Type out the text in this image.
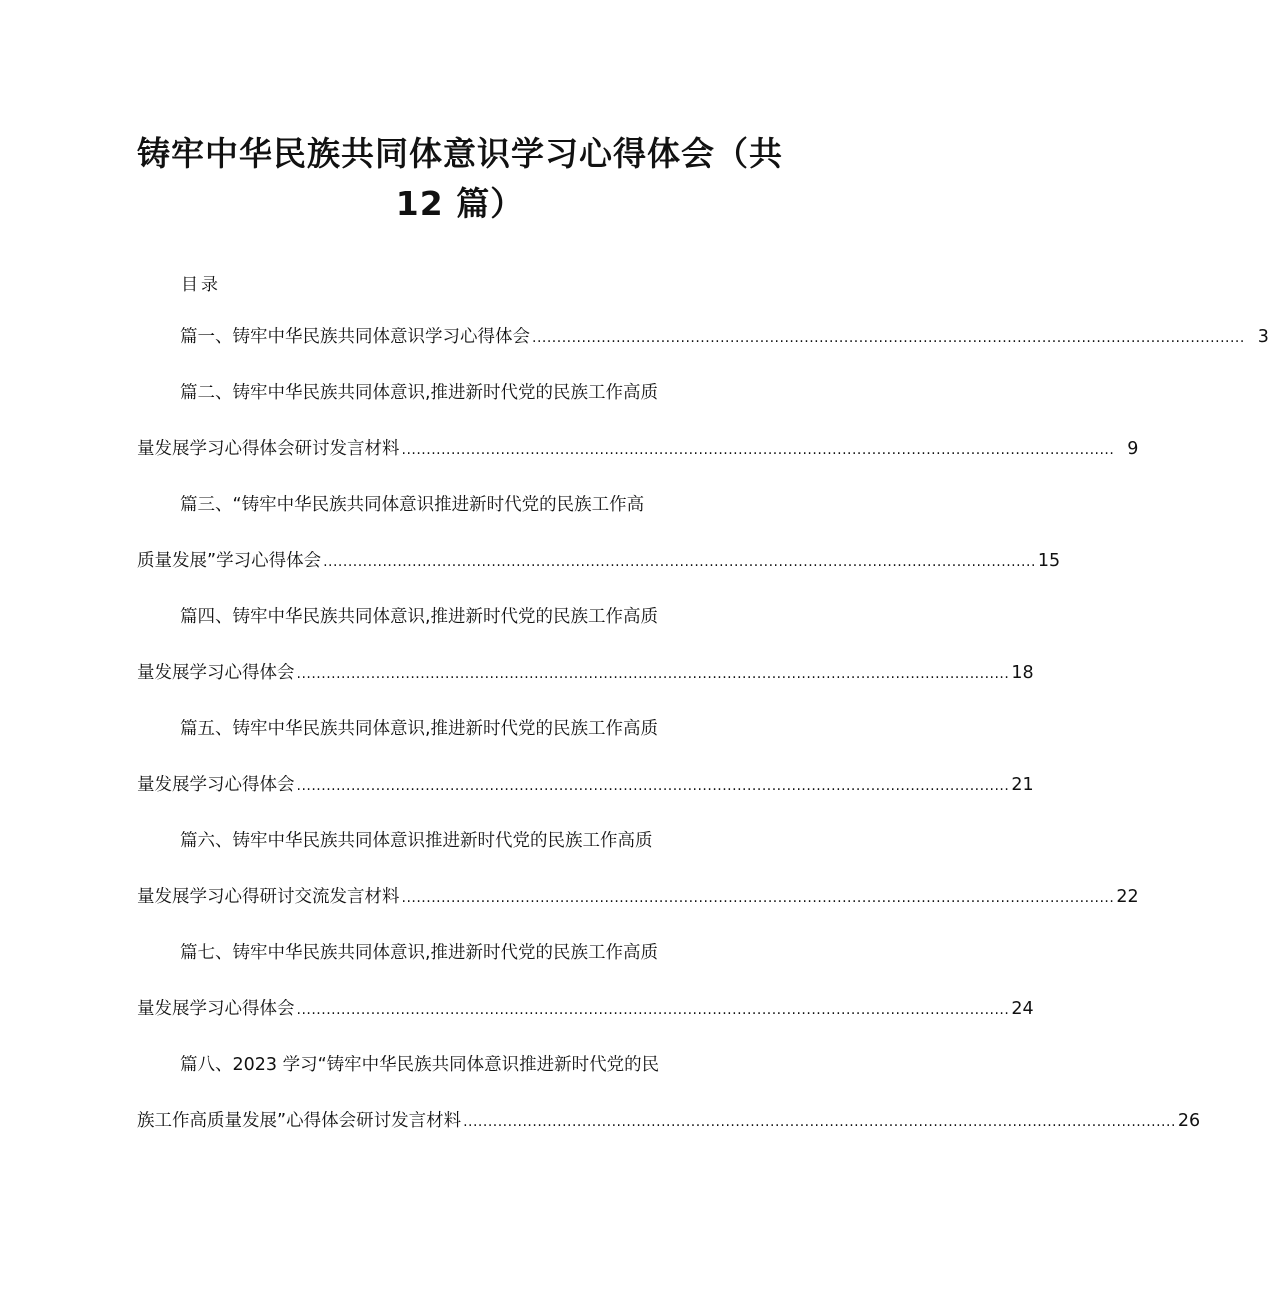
铸牢中华民族共同体意识学习心得体会（共
12 篇）
目录
篇一、铸牢中华民族共同体意识学习心得体会 ................................................................................................................................................ 3
篇二、铸牢中华民族共同体意识,推进新时代党的民族工作高质
量发展学习心得体会研讨发言材料 ................................................................................................................................................ 9
篇三、“铸牢中华民族共同体意识推进新时代党的民族工作高
质量发展”学习心得体会 ................................................................................................................................................ 15
篇四、铸牢中华民族共同体意识,推进新时代党的民族工作高质
量发展学习心得体会 ................................................................................................................................................ 18
篇五、铸牢中华民族共同体意识,推进新时代党的民族工作高质
量发展学习心得体会 ................................................................................................................................................ 21
篇六、铸牢中华民族共同体意识推进新时代党的民族工作高质
量发展学习心得研讨交流发言材料 ................................................................................................................................................ 22
篇七、铸牢中华民族共同体意识,推进新时代党的民族工作高质
量发展学习心得体会 ................................................................................................................................................ 24
篇八、2023 学习“铸牢中华民族共同体意识推进新时代党的民
族工作高质量发展”心得体会研讨发言材料 ................................................................................................................................................ 26
